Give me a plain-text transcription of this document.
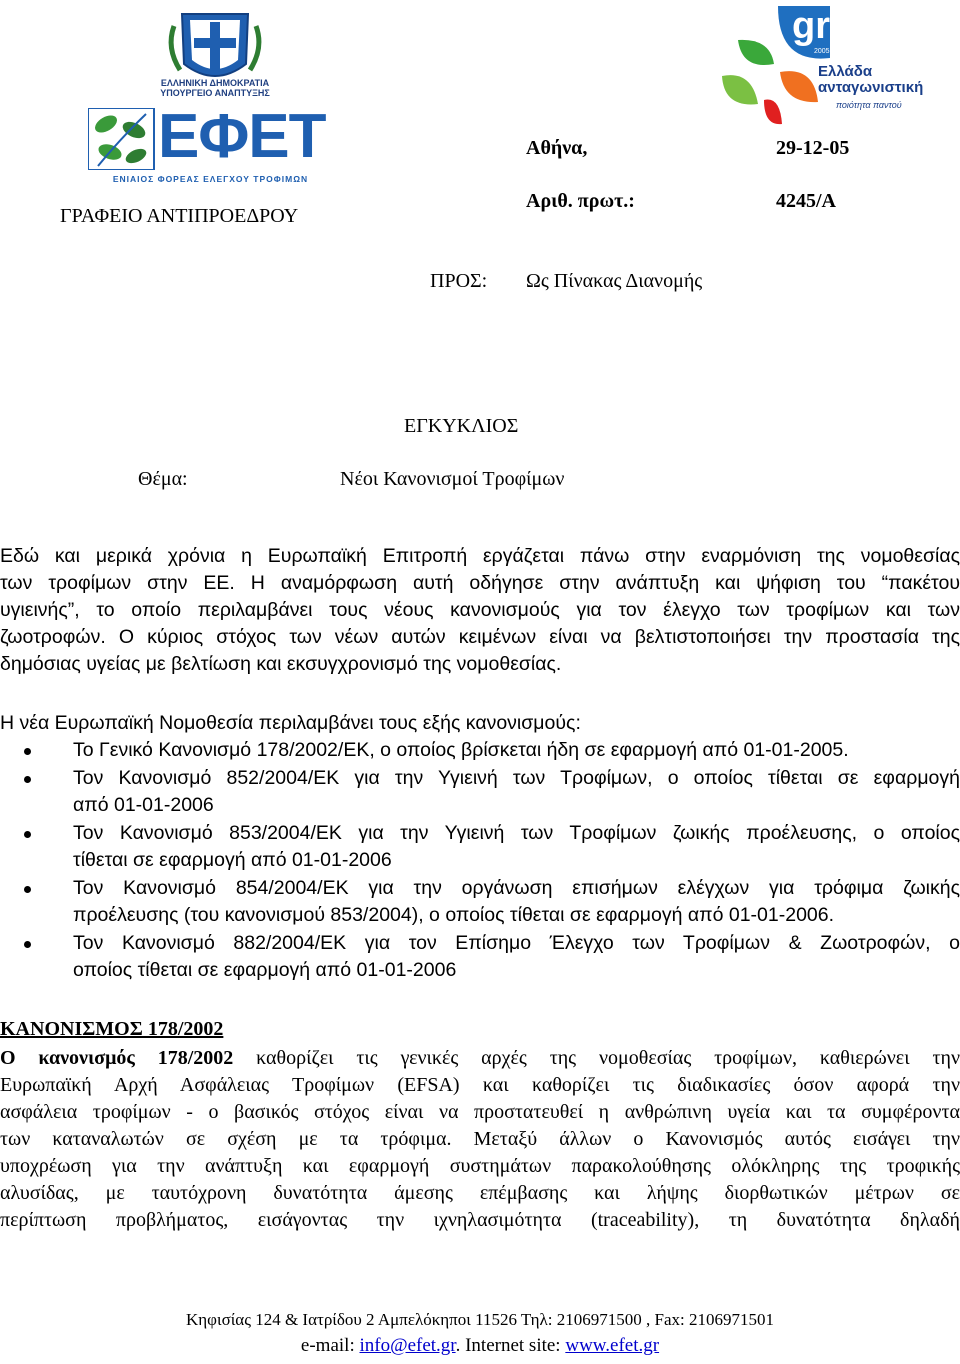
ΕΛΛΗΝΙΚΗ ΔΗΜΟΚΡΑΤΙΑ
ΥΠΟΥΡΓΕΙΟ ΑΝΑΠΤΥΞΗΣ
ΕΦΕΤ
ΕΝΙΑΙΟΣ ΦΟΡΕΑΣ ΕΛΕΓΧΟΥ ΤΡΟΦΙΜΩΝ
gr
2005
Ελλάδα
ανταγωνιστική
ποιότητα παντού
ΓΡΑΦΕΙΟ ΑΝΤΙΠΡΟΕΔΡΟΥ
Αθήνα,	29-12-05
Αριθ. πρωτ.:	4245/Α
ΠΡΟΣ: Ως Πίνακας Διανομής
ΕΓΚΥΚΛΙΟΣ
Θέμα:	Νέοι Κανονισμοί Τροφίμων
Εδώ και μερικά χρόνια η Ευρωπαϊκή Επιτροπή εργάζεται πάνω στην εναρμόνιση της νομοθεσίας
των τροφίμων στην ΕΕ. Η αναμόρφωση αυτή οδήγησε στην ανάπτυξη και ψήφιση του “πακέτου
υγιεινής”, το οποίο περιλαμβάνει τους νέους κανονισμούς για τον έλεγχο των τροφίμων και των
ζωοτροφών. Ο κύριος στόχος των νέων αυτών κειμένων είναι να βελτιστοποιήσει την προστασία της
δημόσιας υγείας με βελτίωση και εκσυγχρονισμό της νομοθεσίας.
Η νέα Ευρωπαϊκή Νομοθεσία περιλαμβάνει τους εξής κανονισμούς:
Το Γενικό Κανονισμό 178/2002/ΕΚ, ο οποίος βρίσκεται ήδη σε εφαρμογή από 01-01-2005.
Τον Κανονισμό 852/2004/ΕΚ για την Υγιεινή των Τροφίμων, ο οποίος τίθεται σε εφαρμογή
από 01-01-2006
Τον Κανονισμό 853/2004/ΕΚ για την Υγιεινή των Τροφίμων ζωικής προέλευσης, ο οποίος
τίθεται σε εφαρμογή από 01-01-2006
Τον Κανονισμό 854/2004/ΕΚ για την οργάνωση επισήμων ελέγχων για τρόφιμα ζωικής
προέλευσης (του κανονισμού 853/2004), ο οποίος τίθεται σε εφαρμογή από 01-01-2006.
Τον Κανονισμό 882/2004/ΕΚ για τον Επίσημο Έλεγχο των Τροφίμων & Ζωοτροφών, ο
οποίος τίθεται σε εφαρμογή από 01-01-2006
ΚΑΝΟΝΙΣΜΟΣ 178/2002
Ο κανονισμός 178/2002 καθορίζει τις γενικές αρχές της νομοθεσίας τροφίμων, καθιερώνει την
Ευρωπαϊκή Αρχή Ασφάλειας Τροφίμων (EFSA) και καθορίζει τις διαδικασίες όσον αφορά την
ασφάλεια τροφίμων - ο βασικός στόχος είναι να προστατευθεί η ανθρώπινη υγεία και τα συμφέροντα
των καταναλωτών σε σχέση με τα τρόφιμα. Μεταξύ άλλων ο Κανονισμός αυτός εισάγει την
υποχρέωση για την ανάπτυξη και εφαρμογή συστημάτων παρακολούθησης ολόκληρης της τροφικής
αλυσίδας, με ταυτόχρονη δυνατότητα άμεσης επέμβασης και λήψης διορθωτικών μέτρων σε
περίπτωση προβλήματος, εισάγοντας την ιχνηλασιμότητα (traceability), τη δυνατότητα δηλαδή
Κηφισίας 124 & Ιατρίδου 2 Αμπελόκηποι 11526 Τηλ: 2106971500 , Fax: 2106971501
e-mail: info@efet.gr. Internet site: www.efet.gr
